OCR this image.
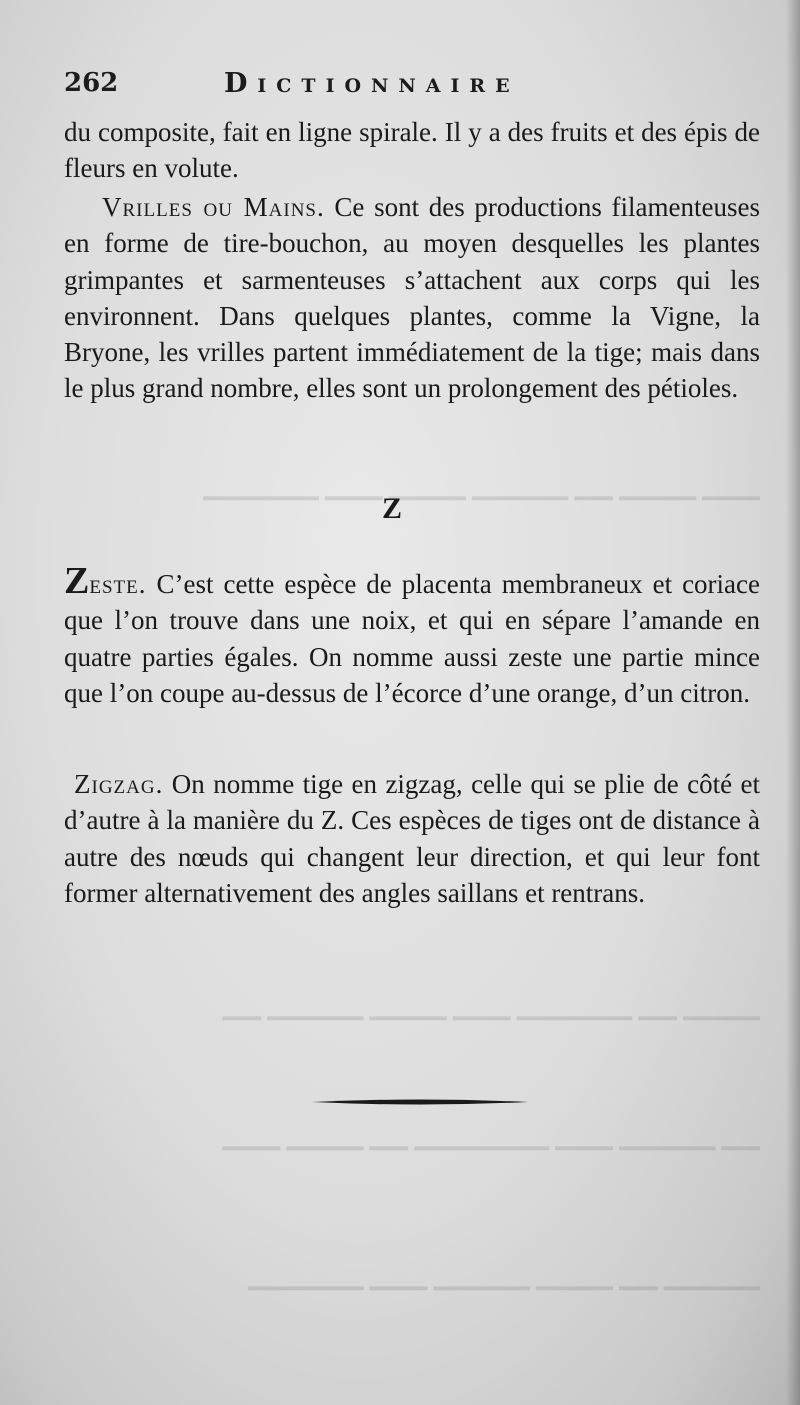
▁▁▁ ▁▁▁▁ ▁▁ ▁▁▁▁▁ ▁▁▁▁ ▁▁▁ ▁▁▁▁▁▁
▁▁▁▁ ▁▁ ▁▁▁▁▁▁ ▁▁▁ ▁▁▁▁ ▁▁▁▁▁ ▁▁
▁▁ ▁▁▁▁▁ ▁▁▁ ▁▁▁▁▁▁▁ ▁▁ ▁▁▁▁ ▁▁▁
▁▁▁▁▁ ▁▁ ▁▁▁▁ ▁▁▁▁▁ ▁▁▁ ▁▁▁▁▁▁
262	Dictionnaire

du composite, fait en ligne spirale. Il y a des fruits et des épis de fleurs en volute.

Vrilles ou Mains. Ce sont des productions filamenteuses en forme de tire-bouchon, au moyen desquelles les plantes grimpantes et sarmenteuses s’attachent aux corps qui les environnent. Dans quelques plantes, comme la Vigne, la Bryone, les vrilles partent immédiatement de la tige; mais dans le plus grand nombre, elles sont un prolongement des pétioles.

Z

Zeste. C’est cette espèce de placenta membraneux et coriace que l’on trouve dans une noix, et qui en sépare l’amande en quatre parties égales. On nomme aussi zeste une partie mince que l’on coupe au-dessus de l’écorce d’une orange, d’un citron.

Zigzag. On nomme tige en zigzag, celle qui se plie de côté et d’autre à la manière du Z. Ces espèces de tiges ont de distance à autre des nœuds qui changent leur direction, et qui leur font former alternativement des angles saillans et rentrans.
